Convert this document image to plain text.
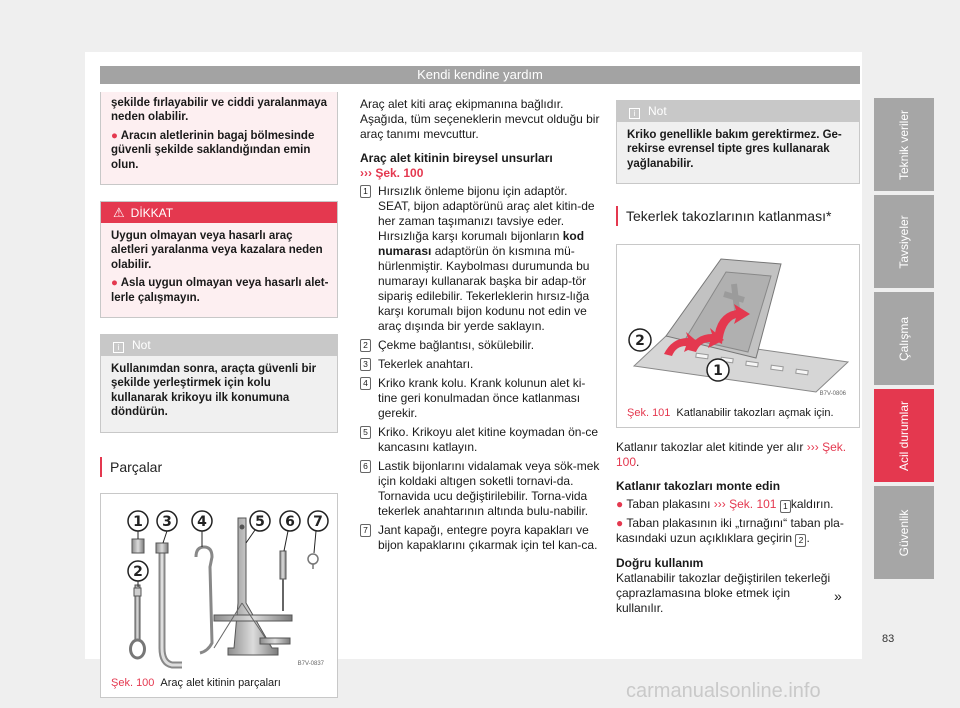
Kendi kendine yardım

şekilde fırlayabilir ve ciddi yaralanmaya neden olabilir.

● Aracın aletlerinin bagaj bölmesinde güvenli şekilde saklandığından emin olun.

⚠ DİKKAT

Uygun olmayan veya hasarlı araç aletleri yaralanma veya kazalara neden olabilir.

● Asla uygun olmayan veya hasarlı alet-lerle çalışmayın.

i Not

Kullanımdan sonra, araçta güvenli bir şekilde yerleştirmek için kolu kullanarak krikoyu ilk konumuna döndürün.

Parçalar
1
2
3 4	5 6 7
B7V-0837
Şek. 100 Araç alet kitinin parçaları

Araç alet kiti araç ekipmanına bağlıdır. Aşağıda, tüm seçeneklerin mevcut olduğu bir araç tanımı mevcuttur.

Araç alet kitinin bireysel unsurları

››› Şek. 100

1 Hırsızlık önleme bijonu için adaptör. SEAT, bijon adaptörünü araç alet kitin-de her zaman taşımanızı tavsiye eder. Hırsızlığa karşı korumalı bijonların kod numarası adaptörün ön kısmına mü-hürlenmiştir. Kaybolması durumunda bu numarayı kullanarak başka bir adap-tör sipariş edilebilir. Tekerleklerin hırsız-lığa karşı korumalı bijon kodunu not edin ve araç dışında bir yerde saklayın.
2 Çekme bağlantısı, sökülebilir.
3 Tekerlek anahtarı.
4 Kriko krank kolu. Krank kolunun alet ki-tine geri konulmadan önce katlanması gerekir.
5 Kriko. Krikoyu alet kitine koymadan ön-ce kancasını katlayın.
6 Lastik bijonlarını vidalamak veya sök-mek için koldaki altıgen soketli tornavi-da. Tornavida ucu değiştirilebilir. Torna-vida tekerlek anahtarının altında bulu-nabilir.
7 Jant kapağı, entegre poyra kapakları ve bijon kapaklarını çıkarmak için tel kan-ca.
i Not

Kriko genellikle bakım gerektirmez. Ge-rekirse evrensel tipte gres kullanarak yağlanabilir.

Tekerlek takozlarının katlanması*
2
1
B7V-0806
Şek. 101 Katlanabilir takozları açmak için.

Katlanır takozlar alet kitinde yer alır ››› Şek. 100.

Katlanır takozları monte edin

● Taban plakasını ››› Şek. 101 1 kaldırın.

● Taban plakasının iki „tırnağını“ taban pla-kasındaki uzun açıklıklara geçirin 2 .

Doğru kullanım

Katlanabilir takozlar değiştirilen tekerleği çaprazlamasına bloke etmek için kullanılır.

»
Teknik veriler
Tavsiyeler
Çalışma
Acil durumlar
Güvenlik
83
carmanualsonline.info
